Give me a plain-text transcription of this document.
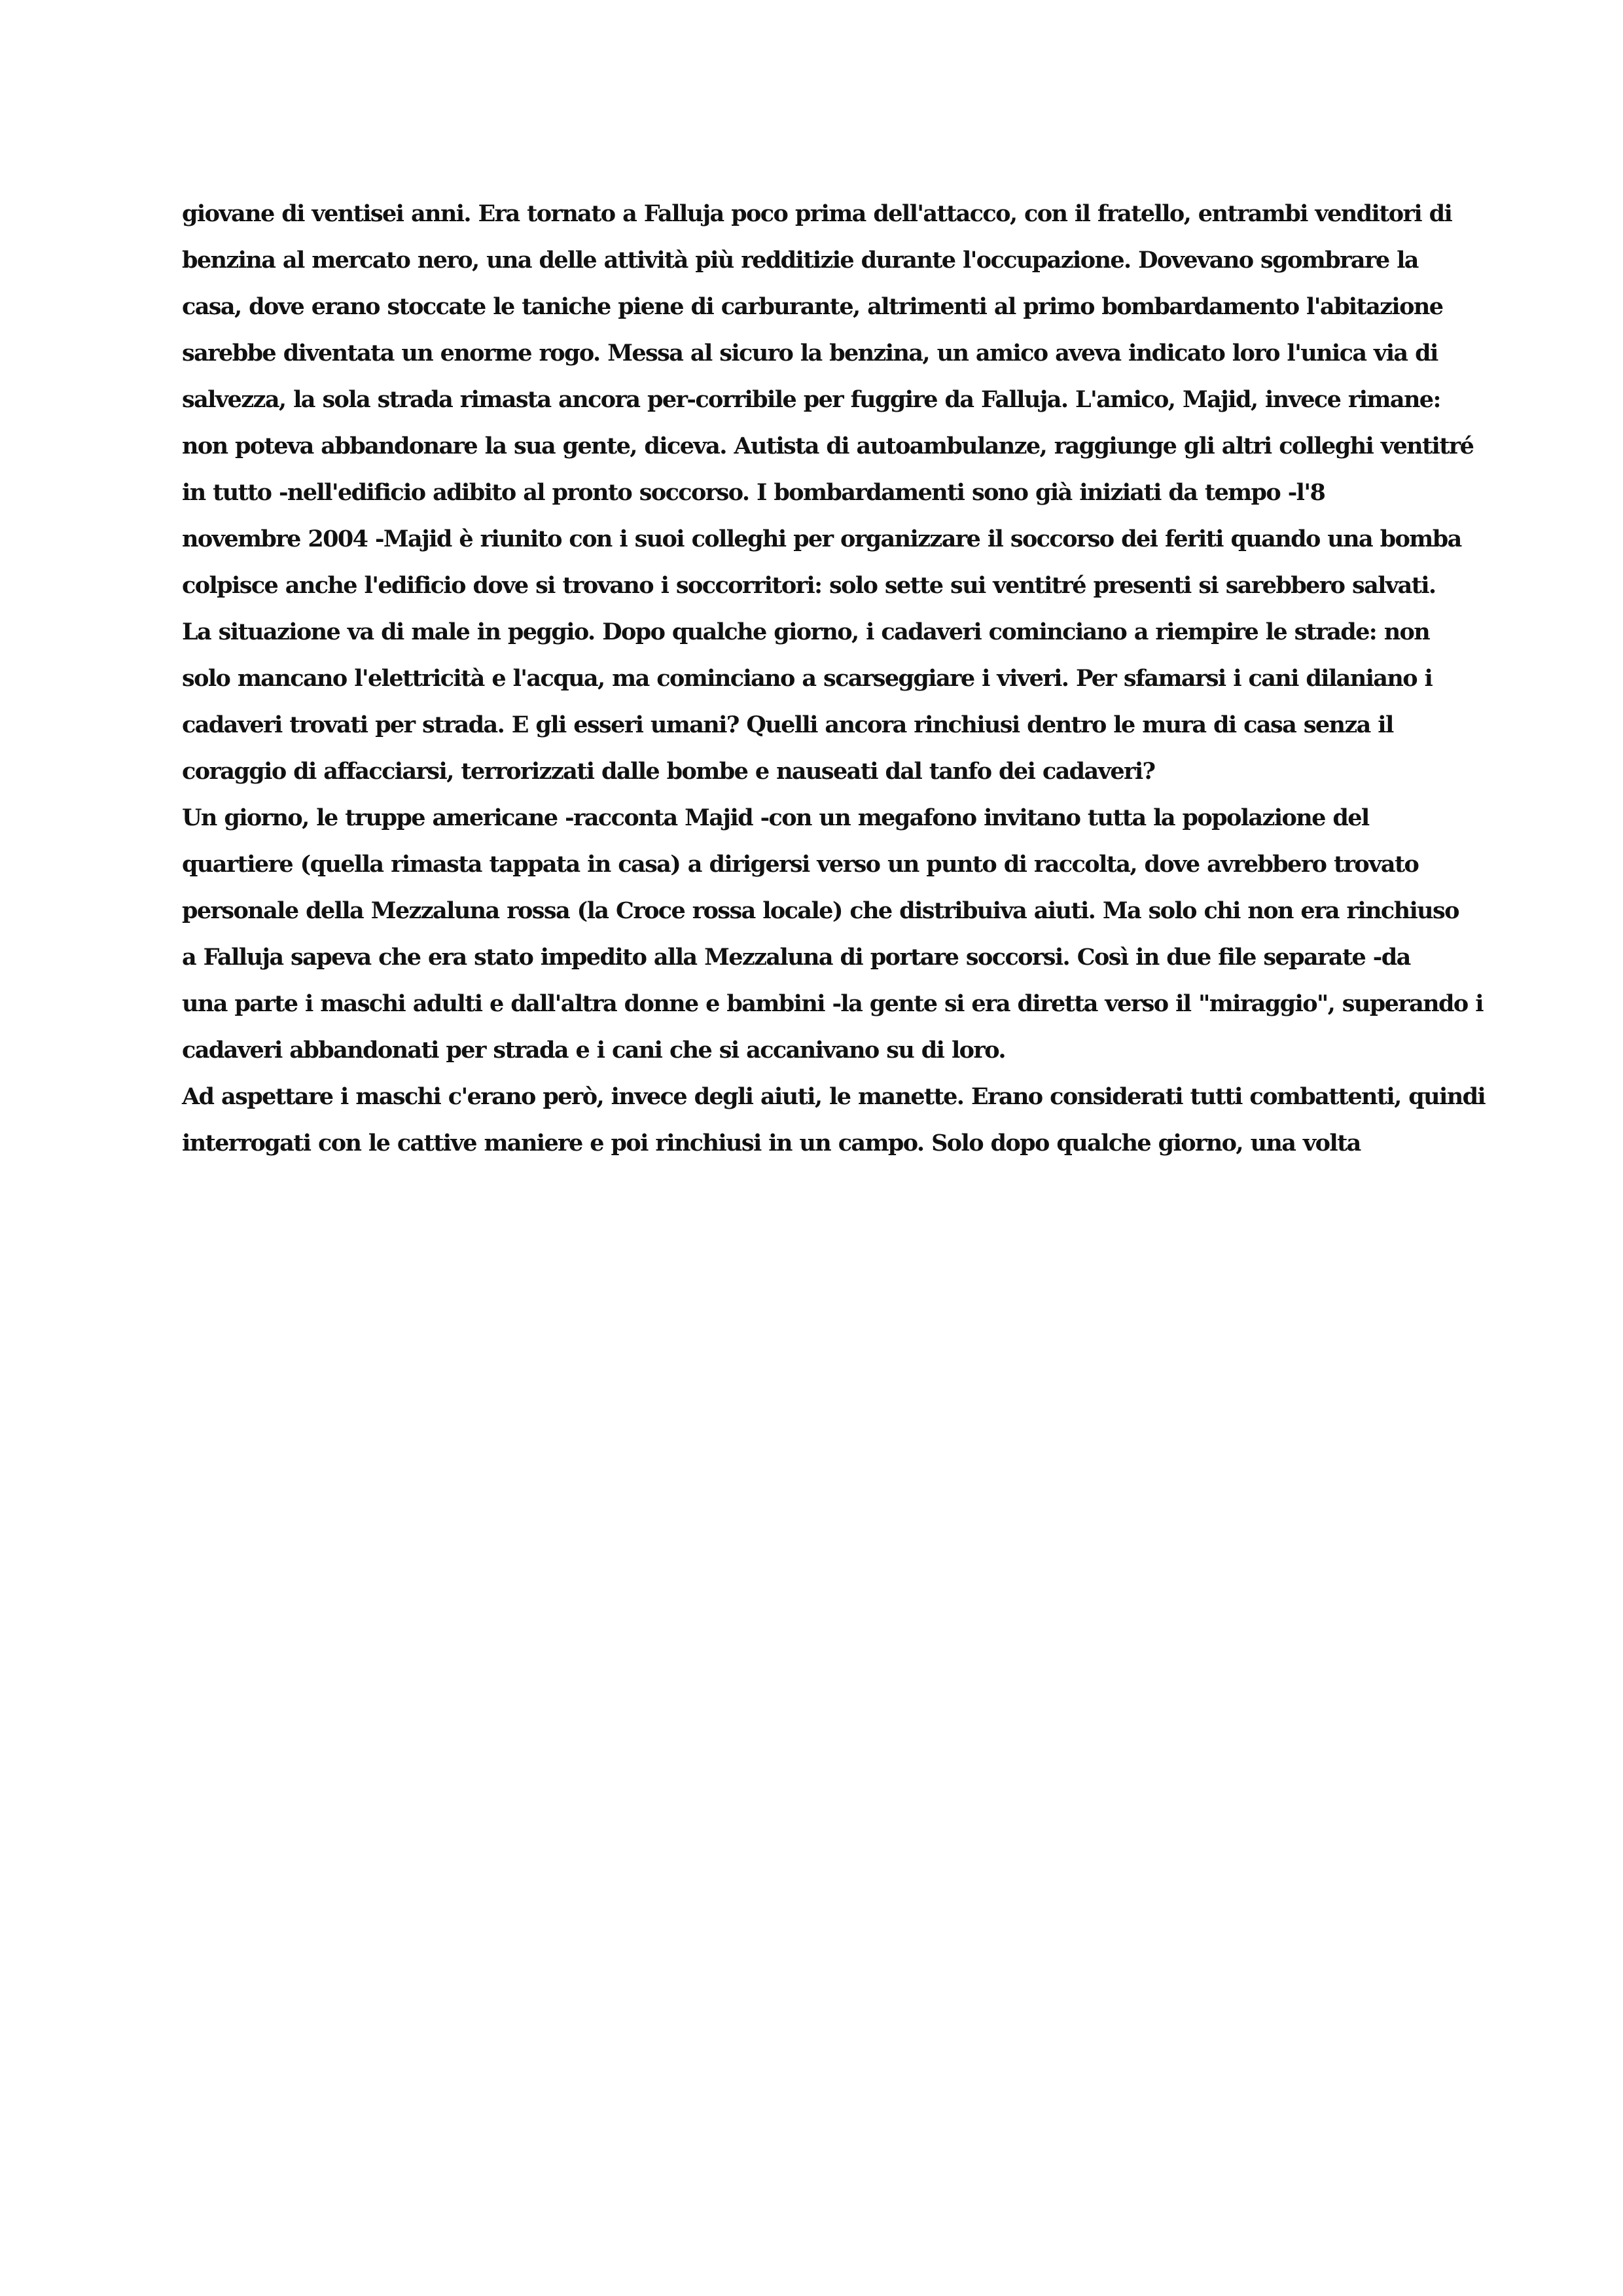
giovane di ventisei anni. Era tornato a Falluja poco prima dell'attacco, con il fratello, entrambi venditori di
benzina al mercato nero, una delle attività più redditizie durante l'occupazione. Dovevano sgombrare la
casa, dove erano stoccate le taniche piene di carburante, altrimenti al primo bombardamento l'abitazione
sarebbe diventata un enorme rogo. Messa al sicuro la benzina, un amico aveva indicato loro l'unica via di
salvezza, la sola strada rimasta ancora per-corribile per fuggire da Falluja. L'amico, Majid, invece rimane:
non poteva abbandonare la sua gente, diceva. Autista di autoambulanze, raggiunge gli altri colleghi ventitré
in tutto -nell'edificio adibito al pronto soccorso. I bombardamenti sono già iniziati da tempo -l'8
novembre 2004 -Majid è riunito con i suoi colleghi per organizzare il soccorso dei feriti quando una bomba
colpisce anche l'edificio dove si trovano i soccorritori: solo sette sui ventitré presenti si sarebbero salvati.
La situazione va di male in peggio. Dopo qualche giorno, i cadaveri cominciano a riempire le strade: non
solo mancano l'elettricità e l'acqua, ma cominciano a scarseggiare i viveri. Per sfamarsi i cani dilaniano i
cadaveri trovati per strada. E gli esseri umani? Quelli ancora rinchiusi dentro le mura di casa senza il
coraggio di affacciarsi, terrorizzati dalle bombe e nauseati dal tanfo dei cadaveri?
Un giorno, le truppe americane -racconta Majid -con un megafono invitano tutta la popolazione del
quartiere (quella rimasta tappata in casa) a dirigersi verso un punto di raccolta, dove avrebbero trovato
personale della Mezzaluna rossa (la Croce rossa locale) che distribuiva aiuti. Ma solo chi non era rinchiuso
a Falluja sapeva che era stato impedito alla Mezzaluna di portare soccorsi. Così in due file separate -da
una parte i maschi adulti e dall'altra donne e bambini -la gente si era diretta verso il "miraggio", superando i
cadaveri abbandonati per strada e i cani che si accanivano su di loro.
Ad aspettare i maschi c'erano però, invece degli aiuti, le manette. Erano considerati tutti combattenti, quindi
interrogati con le cattive maniere e poi rinchiusi in un campo. Solo dopo qualche giorno, una volta
